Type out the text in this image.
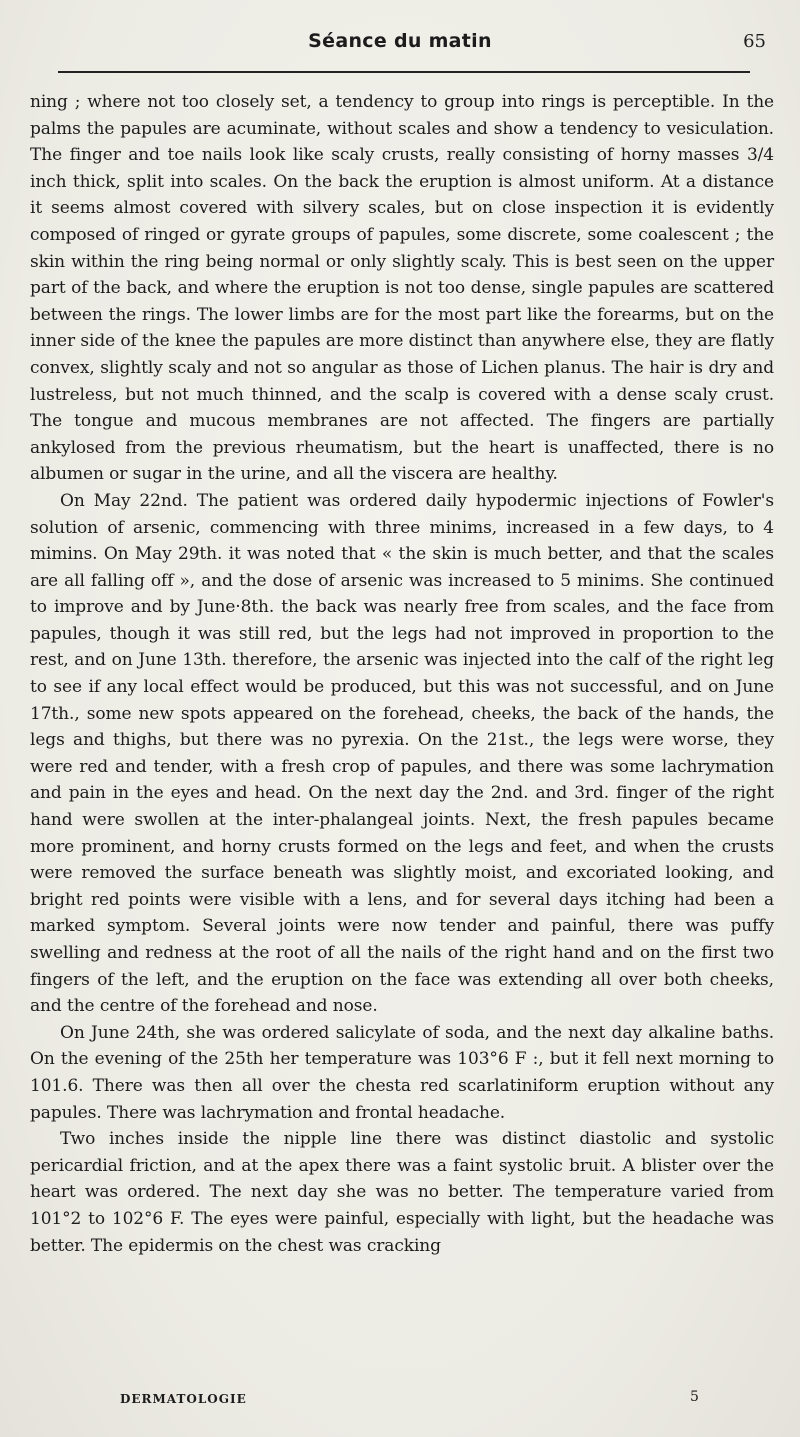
Séance du matin	65

ning ; where not too closely set, a tendency to group into rings is perceptible. In the palms the papules are acuminate, without scales and show a tendency to vesiculation. The finger and toe nails look like scaly crusts, really consisting of horny masses 3/4 inch thick, split into scales. On the back the eruption is almost uniform. At a distance it seems almost covered with silvery scales, but on close inspection it is evidently composed of ringed or gyrate groups of papules, some discrete, some coalescent ; the skin within the ring being normal or only slightly scaly. This is best seen on the upper part of the back, and where the eruption is not too dense, single papules are scattered between the rings. The lower limbs are for the most part like the forearms, but on the inner side of the knee the papules are more distinct than anywhere else, they are flatly convex, slightly scaly and not so angular as those of Lichen planus. The hair is dry and lustreless, but not much thinned, and the scalp is covered with a dense scaly crust. The tongue and mucous membranes are not affected. The fingers are partially ankylosed from the previous rheumatism, but the heart is unaffected, there is no albumen or sugar in the urine, and all the viscera are healthy.

On May 22nd. The patient was ordered daily hypodermic injections of Fowler's solution of arsenic, commencing with three minims, increased in a few days, to 4 mimins. On May 29th. it was noted that « the skin is much better, and that the scales are all falling off », and the dose of arsenic was increased to 5 minims. She continued to improve and by June·8th. the back was nearly free from scales, and the face from papules, though it was still red, but the legs had not improved in proportion to the rest, and on June 13th. therefore, the arsenic was injected into the calf of the right leg to see if any local effect would be produced, but this was not successful, and on June 17th., some new spots appeared on the forehead, cheeks, the back of the hands, the legs and thighs, but there was no pyrexia. On the 21st., the legs were worse, they were red and tender, with a fresh crop of papules, and there was some lachrymation and pain in the eyes and head. On the next day the 2nd. and 3rd. finger of the right hand were swollen at the inter-phalangeal joints. Next, the fresh papules became more prominent, and horny crusts formed on the legs and feet, and when the crusts were removed the surface beneath was slightly moist, and excoriated looking, and bright red points were visible with a lens, and for several days itching had been a marked symptom. Several joints were now tender and painful, there was puffy swelling and redness at the root of all the nails of the right hand and on the first two fingers of the left, and the eruption on the face was extending all over both cheeks, and the centre of the forehead and nose.

On June 24th, she was ordered salicylate of soda, and the next day alkaline baths. On the evening of the 25th her temperature was 103°6 F :, but it fell next morning to 101.6. There was then all over the chesta red scarlatiniform eruption without any papules. There was lachrymation and frontal headache.

Two inches inside the nipple line there was distinct diastolic and systolic pericardial friction, and at the apex there was a faint systolic bruit. A blister over the heart was ordered. The next day she was no better. The temperature varied from 101°2 to 102°6 F. The eyes were painful, especially with light, but the headache was better. The epidermis on the chest was cracking

DERMATOLOGIE	5
